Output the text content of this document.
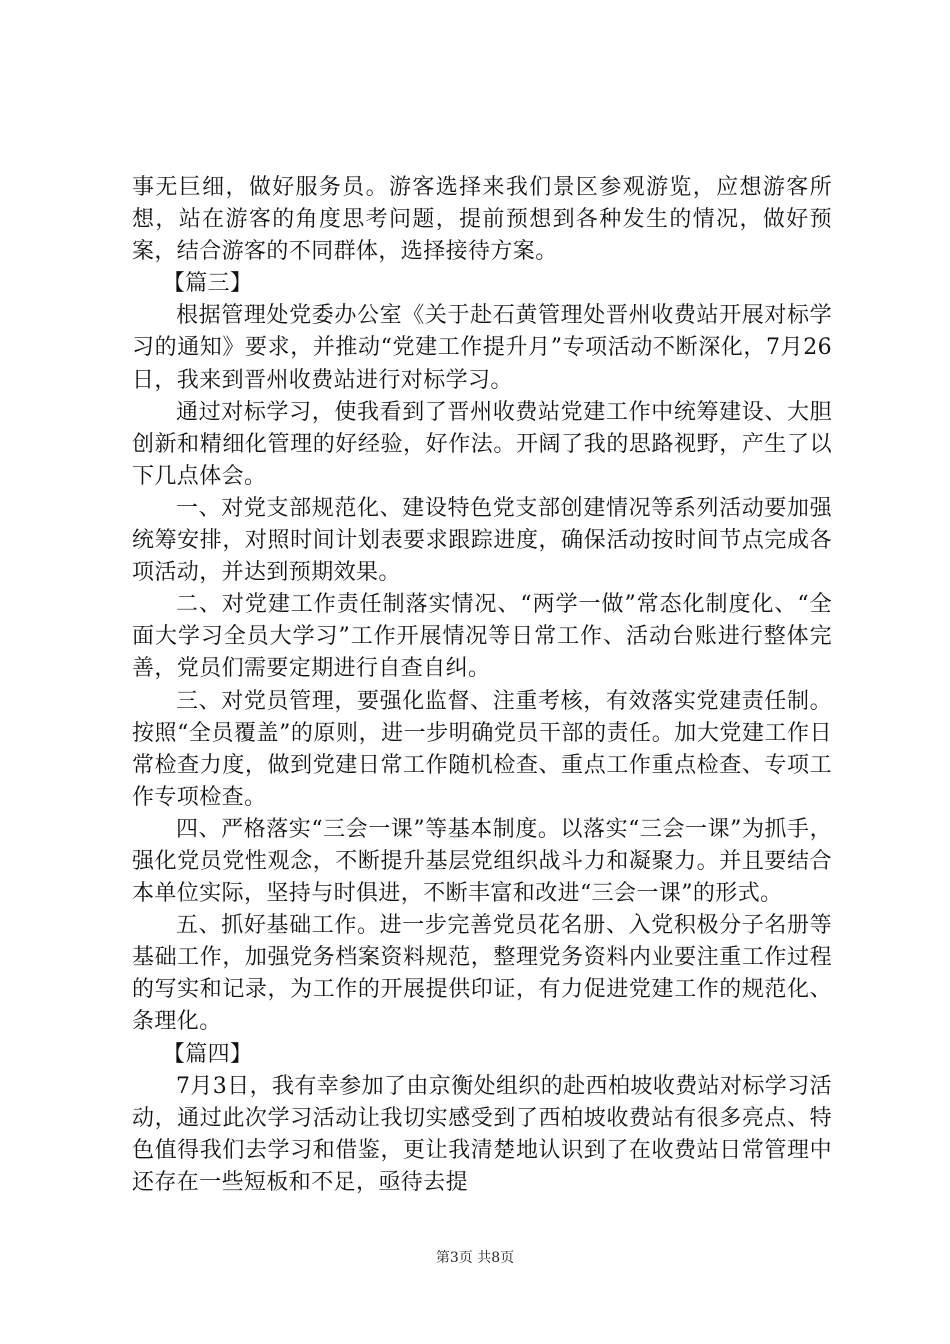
事无巨细，做好服务员。游客选择来我们景区参观游览，应想游客所想，站在游客的角度思考问题，提前预想到各种发生的情况，做好预案，结合游客的不同群体，选择接待方案。

【篇三】

根据管理处党委办公室《关于赴石黄管理处晋州收费站开展对标学习的通知》要求，并推动“党建工作提升月”专项活动不断深化，7月26日，我来到晋州收费站进行对标学习。

通过对标学习，使我看到了晋州收费站党建工作中统筹建设、大胆创新和精细化管理的好经验，好作法。开阔了我的思路视野，产生了以下几点体会。

一、对党支部规范化、建设特色党支部创建情况等系列活动要加强统筹安排，对照时间计划表要求跟踪进度，确保活动按时间节点完成各项活动，并达到预期效果。

二、对党建工作责任制落实情况、“两学一做”常态化制度化、“全面大学习全员大学习”工作开展情况等日常工作、活动台账进行整体完善，党员们需要定期进行自查自纠。

三、对党员管理，要强化监督、注重考核，有效落实党建责任制。按照“全员覆盖”的原则，进一步明确党员干部的责任。加大党建工作日常检查力度，做到党建日常工作随机检查、重点工作重点检查、专项工作专项检查。

四、严格落实“三会一课”等基本制度。以落实“三会一课”为抓手，强化党员党性观念，不断提升基层党组织战斗力和凝聚力。并且要结合本单位实际，坚持与时俱进，不断丰富和改进“三会一课”的形式。

五、抓好基础工作。进一步完善党员花名册、入党积极分子名册等基础工作，加强党务档案资料规范，整理党务资料内业要注重工作过程的写实和记录，为工作的开展提供印证，有力促进党建工作的规范化、条理化。

【篇四】

7月3日，我有幸参加了由京衡处组织的赴西柏坡收费站对标学习活动，通过此次学习活动让我切实感受到了西柏坡收费站有很多亮点、特色值得我们去学习和借鉴，更让我清楚地认识到了在收费站日常管理中还存在一些短板和不足，亟待去提

第3页 共8页
